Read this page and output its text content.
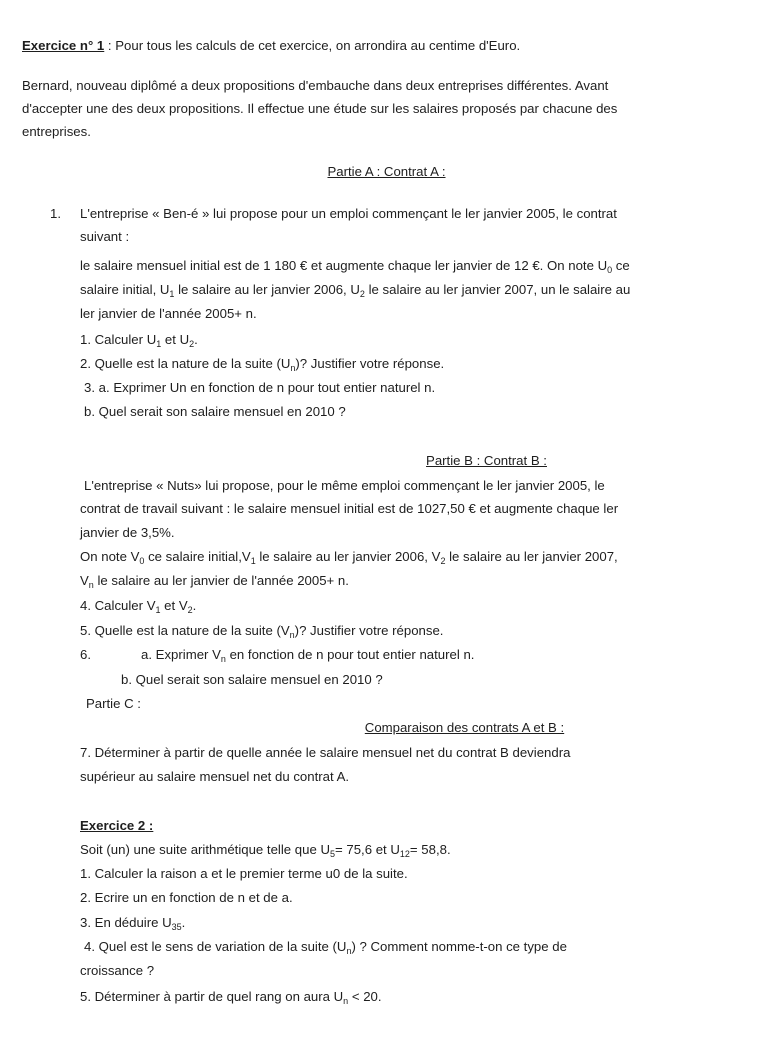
Exercice n° 1 : Pour tous les calculs de cet exercice, on arrondira au centime d'Euro.
Bernard, nouveau diplômé a deux propositions d'embauche dans deux entreprises différentes. Avant
d'accepter une des deux propositions. Il effectue une étude sur les salaires proposés par chacune des
entreprises.
Partie A : Contrat A :
1. L'entreprise « Ben-é » lui propose pour un emploi commençant le ler janvier 2005, le contrat
suivant :
le salaire mensuel initial est de 1 180 € et augmente chaque ler janvier de 12 €. On note $U_0$ ce
salaire initial, $U_1$ le salaire au ler janvier 2006, $U_2$ le salaire au ler janvier 2007, un le salaire au
ler janvier de l'année 2005+ n.
1. Calculer $U_1$ et $U_2$.
2. Quelle est la nature de la suite $(U_n)$? Justifier votre réponse.
3. a. Exprimer Un en fonction de n pour tout entier naturel n.
b. Quel serait son salaire mensuel en 2010 ?
Partie B : Contrat B :
L'entreprise « Nuts» lui propose, pour le même emploi commençant le ler janvier 2005, le
contrat de travail suivant : le salaire mensuel initial est de 1027,50 € et augmente chaque ler
janvier de 3,5%.
On note $V_0$ ce salaire $initial,V_1$ le salaire au ler janvier 2006, $V_2$ le salaire au ler janvier 2007,
$V_n$ le salaire au ler janvier de l'année 2005+ n.
4. Calculer $V_1$ et $V_2$.
5. Quelle est la nature de la suite $(V_n)$? Justifier votre réponse.
6.	a. Exprimer $V_n$ en fonction de n pour tout entier naturel n.
b. Quel serait son salaire mensuel en 2010 ?
Partie C :
Comparaison des contrats A et B :
7. Déterminer à partir de quelle année le salaire mensuel net du contrat B deviendra
supérieur au salaire mensuel net du contrat A.
Exercice 2 :
Soit (un) une suite arithmétique telle que $U_5= 75,6$ et $U_{12}= 58,8$.
1. Calculer la raison a et le premier terme u0 de la suite.
2. Ecrire un en fonction de n et de a.
3. En déduire $U_{35}$.
4. Quel est le sens de variation de la suite $(U_n)$ ? Comment nomme-t-on ce type de
croissance ?
5. Déterminer à partir de quel rang on aura $U_n < 20$.
